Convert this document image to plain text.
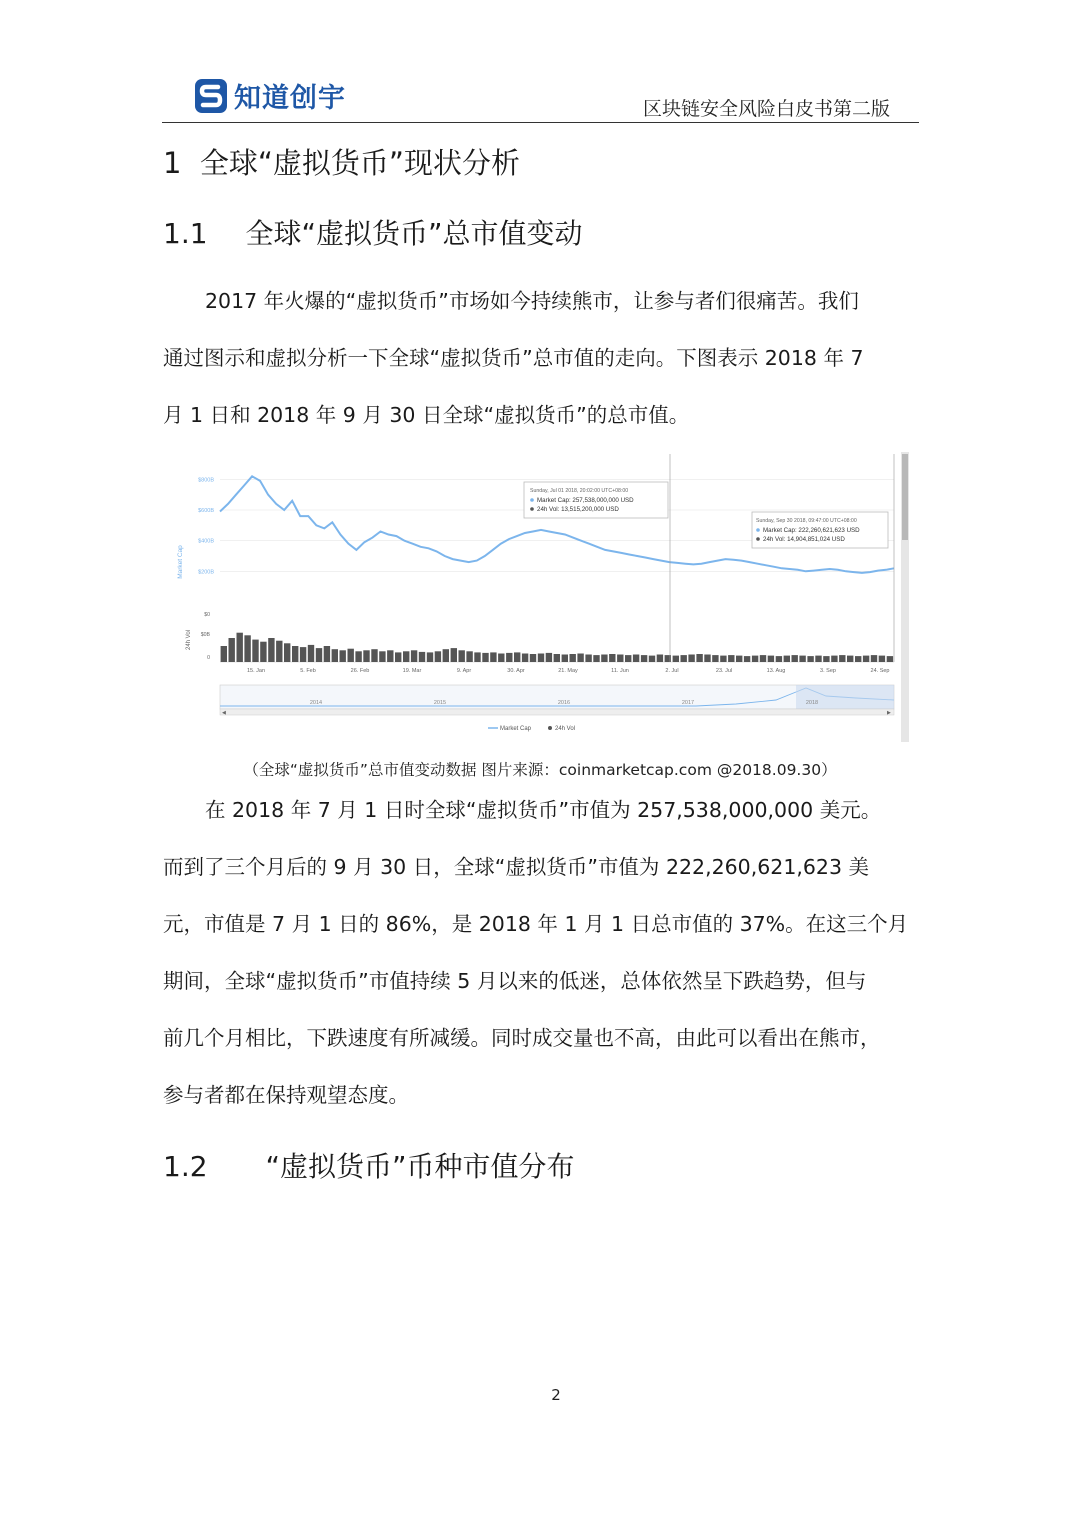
知道创宇	区块链安全风险白皮书第二版
1 全球“虚拟货币”现状分析
1.1 全球“虚拟货币”总市值变动
2017 年火爆的“虚拟货币”市场如今持续熊市，让参与者们很痛苦。我们
通过图示和虚拟分析一下全球“虚拟货币”总市值的走向。下图表示 2018 年 7
月 1 日和 2018 年 9 月 30 日全球“虚拟货币”的总市值。
$800B
$600B
$400B
$200B
Market Cap
24h Vol
$0
$0B
0
15. Jan	5. Feb	26. Feb	19. Mar	9. Apr	30. Apr	21. May	11. Jun	2. Jul	23. Jul	13. Aug	3. Sep	24. Sep
Sunday, Jul 01 2018, 20:02:00 UTC+08:00
Market Cap: 257,538,000,000 USD
24h Vol: 13,515,200,000 USD
Sunday, Sep 30 2018, 09:47:00 UTC+08:00
Market Cap: 222,260,621,623 USD
24h Vol: 14,904,851,024 USD
2014	2015	2016	2017	2018
◀	▶
Market Cap	24h Vol
（全球“虚拟货币”总市值变动数据 图片来源：coinmarketcap.com @2018.09.30）
在 2018 年 7 月 1 日时全球“虚拟货币”市值为 257,538,000,000 美元。
而到了三个月后的 9 月 30 日，全球“虚拟货币”市值为 222,260,621,623 美
元，市值是 7 月 1 日的 86%，是 2018 年 1 月 1 日总市值的 37%。在这三个月
期间，全球“虚拟货币”市值持续 5 月以来的低迷，总体依然呈下跌趋势，但与
前几个月相比，下跌速度有所减缓。同时成交量也不高，由此可以看出在熊市，
参与者都在保持观望态度。
1.2 “虚拟货币”币种市值分布
2
